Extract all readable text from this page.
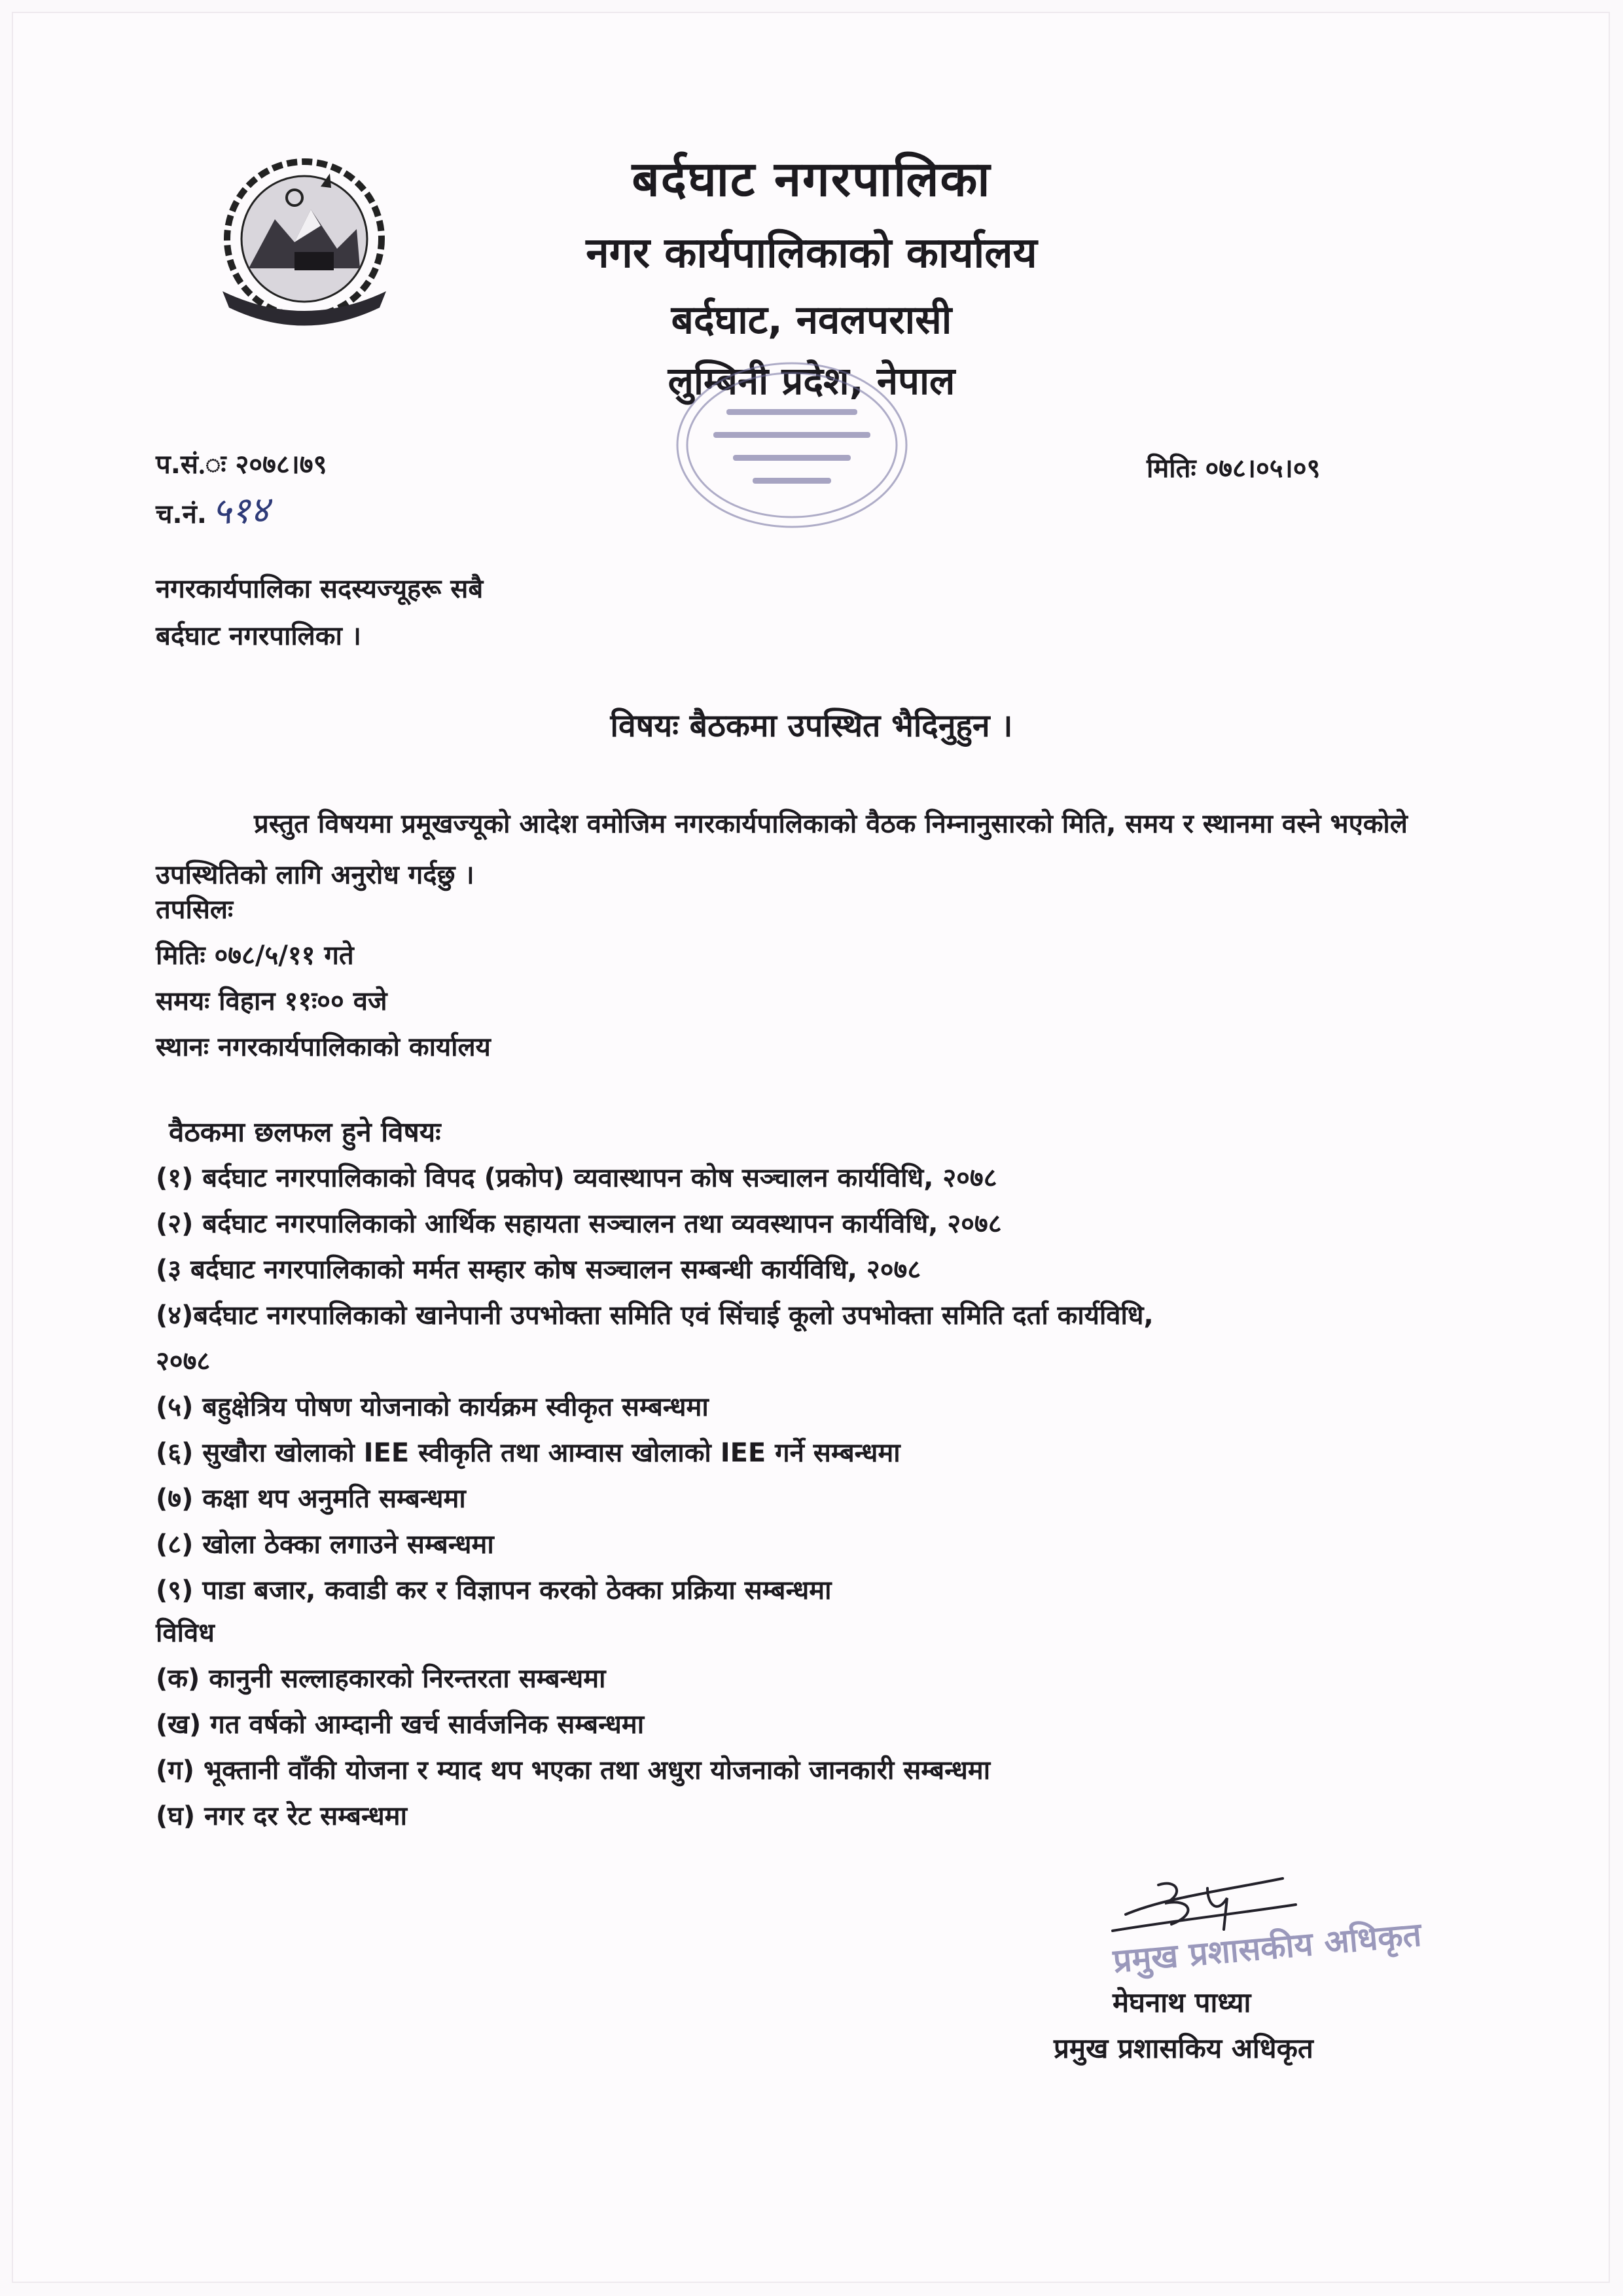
बर्दघाट नगरपालिका
नगर कार्यपालिकाको कार्यालय
बर्दघाट, नवलपरासी
लुम्बिनी प्रदेश, नेपाल
प.सं.ः २०७८।७९
च.नं. ५१४
मितिः ०७८।०५।०९
नगरकार्यपालिका सदस्यज्यूहरू सबै
बर्दघाट नगरपालिका ।
विषयः बैठकमा उपस्थित भैदिनुहुन ।
प्रस्तुत विषयमा प्रमूखज्यूको आदेश वमोजिम नगरकार्यपालिकाको वैठक निम्नानुसारको मिति, समय र स्थानमा वस्ने भएकोले उपस्थितिको लागि अनुरोध गर्दछु ।
तपसिलः
मितिः ०७८/५/११ गते
समयः विहान ११ः०० वजे
स्थानः नगरकार्यपालिकाको कार्यालय
वैठकमा छलफल हुने विषयः
(१) बर्दघाट नगरपालिकाको विपद (प्रकोप) व्यवास्थापन कोष सञ्चालन कार्यविधि, २०७८
(२) बर्दघाट नगरपालिकाको आर्थिक सहायता सञ्चालन तथा व्यवस्थापन कार्यविधि, २०७८
(३ बर्दघाट नगरपालिकाको मर्मत सम्हार कोष सञ्चालन सम्बन्धी कार्यविधि, २०७८
(४)बर्दघाट नगरपालिकाको खानेपानी उपभोक्ता समिति एवं सिंचाई कूलो उपभोक्ता समिति दर्ता कार्यविधि,
२०७८
(५) बहुक्षेत्रिय पोषण योजनाको कार्यक्रम स्वीकृत सम्बन्धमा
(६) सुखौरा खोलाको IEE स्वीकृति तथा आम्वास खोलाको IEE गर्ने सम्बन्धमा
(७) कक्षा थप अनुमति सम्बन्धमा
(८) खोला ठेक्का लगाउने सम्बन्धमा
(९) पाडा बजार, कवाडी कर र विज्ञापन करको ठेक्का प्रक्रिया सम्बन्धमा
विविध
(क) कानुनी सल्लाहकारको निरन्तरता सम्बन्धमा
(ख) गत वर्षको आम्दानी खर्च सार्वजनिक सम्बन्धमा
(ग) भूक्तानी वाँकी योजना र म्याद थप भएका तथा अधुरा योजनाको जानकारी सम्बन्धमा
(घ) नगर दर रेट सम्बन्धमा
प्रमुख प्रशासकीय अधिकृत
मेघनाथ पाध्या
प्रमुख प्रशासकिय अधिकृत
